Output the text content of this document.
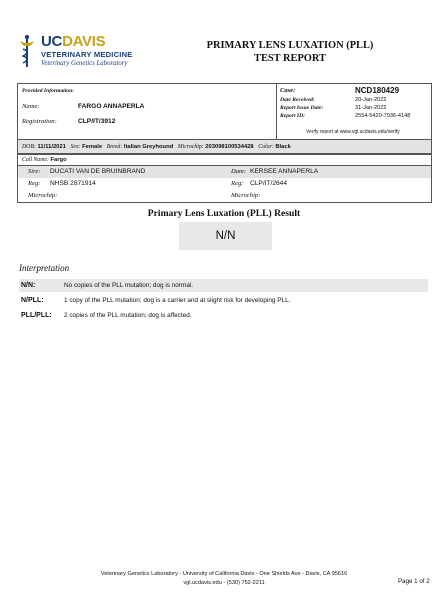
UCDAVIS
VETERINARY MEDICINE
Veterinary Genetics Laboratory
PRIMARY LENS LUXATION (PLL)
TEST REPORT
Provided Information:
Name:	FARGO ANNAPERLA
Registration:	CLP/IT/3912
Case:	NCD180429
Date Received:	20-Jan-2022
Report Issue Date:	31-Jan-2022
Report ID:	2554-5420-7936-4148
Verify report at www.vgl.ucdavis.edu/verify
DOB: 11/11/2021 Sex: Female Breed: Italian Greyhound Microchip: 203098100534428 Color: Black
Call Name: Fargo
Sire: DUCATI VAN DE BRUINBRAND
Reg: NHSB 2871914
Microchip:
Dam: KERSEE ANNAPERLA
Reg: CLP/IT/2644
Microchip:
Primary Lens Luxation (PLL) Result
N/N
Interpretation
N/N:	No copies of the PLL mutation; dog is normal.
N/PLL:	1 copy of the PLL mutation; dog is a carrier and at slight risk for developing PLL.
PLL/PLL: 2 copies of the PLL mutation; dog is affected.
Veterinary Genetics Laboratory - University of California Davis - One Shields Ave - Davis, CA 95616
vgl.ucdavis.edu - (530) 752-2211	Page 1 of 2
